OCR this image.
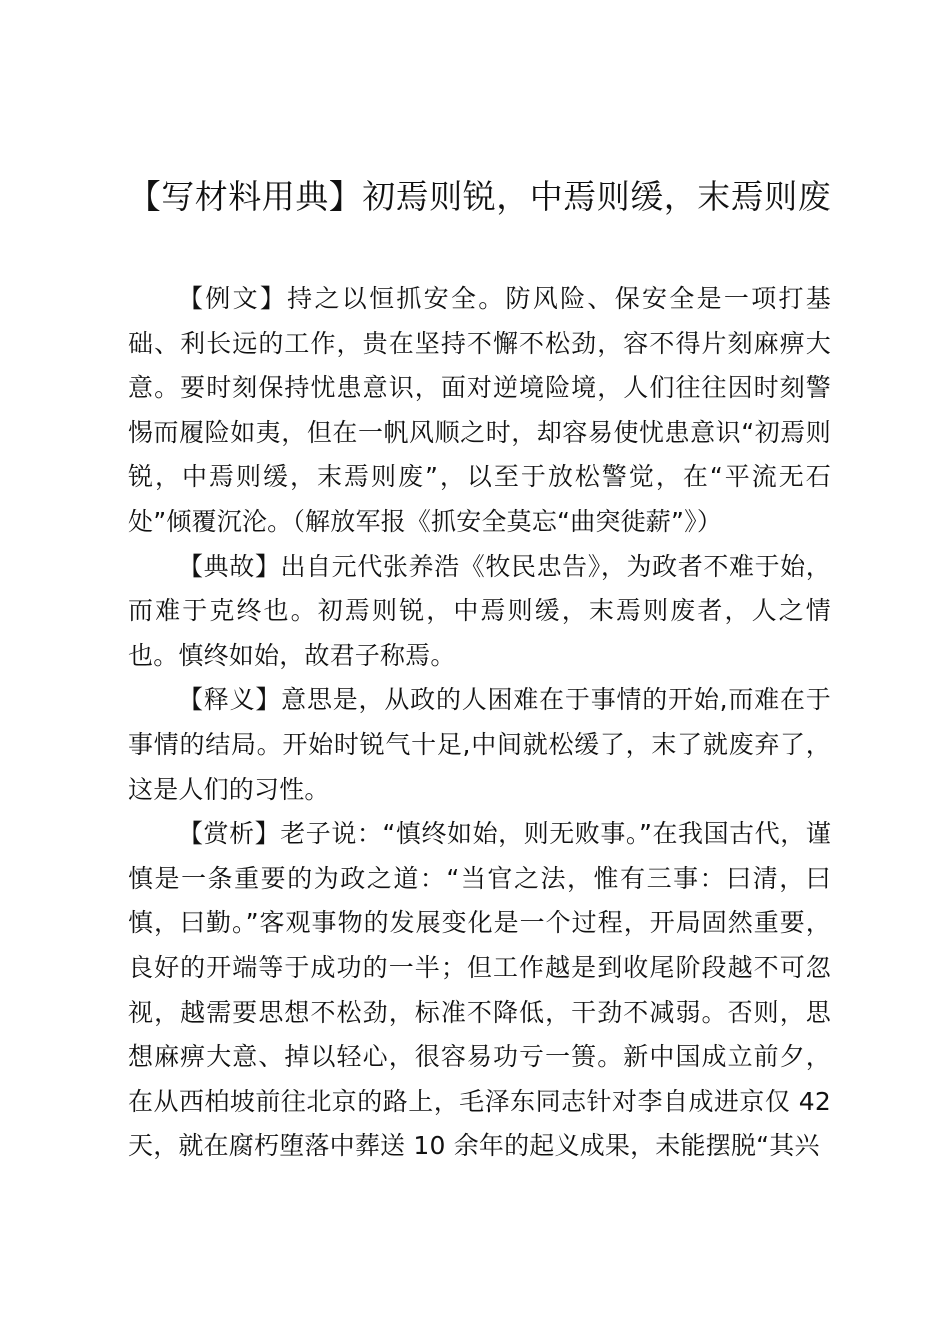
【写材料用典】初焉则锐，中焉则缓，末焉则废

【例文】持之以恒抓安全。防风险、保安全是一项打基础、利长远的工作，贵在坚持不懈不松劲，容不得片刻麻痹大意。要时刻保持忧患意识，面对逆境险境，人们往往因时刻警惕而履险如夷，但在一帆风顺之时，却容易使忧患意识“初焉则锐，中焉则缓，末焉则废”，以至于放松警觉，在“平流无石处”倾覆沉沦。（解放军报《抓安全莫忘“曲突徙薪”》）

【典故】出自元代张养浩《牧民忠告》，为政者不难于始，而难于克终也。初焉则锐，中焉则缓，末焉则废者，人之情也。慎终如始，故君子称焉。

【释义】意思是，从政的人困难在于事情的开始,而难在于事情的结局。开始时锐气十足,中间就松缓了，末了就废弃了，这是人们的习性。

【赏析】老子说：“慎终如始，则无败事。”在我国古代，谨慎是一条重要的为政之道：“当官之法，惟有三事：曰清，曰慎，曰勤。”客观事物的发展变化是一个过程，开局固然重要，良好的开端等于成功的一半；但工作越是到收尾阶段越不可忽视，越需要思想不松劲，标准不降低，干劲不减弱。否则，思想麻痹大意、掉以轻心，很容易功亏一篑。新中国成立前夕，在从西柏坡前往北京的路上，毛泽东同志针对李自成进京仅 42 天，就在腐朽堕落中葬送 10 余年的起义成果，未能摆脱“其兴
